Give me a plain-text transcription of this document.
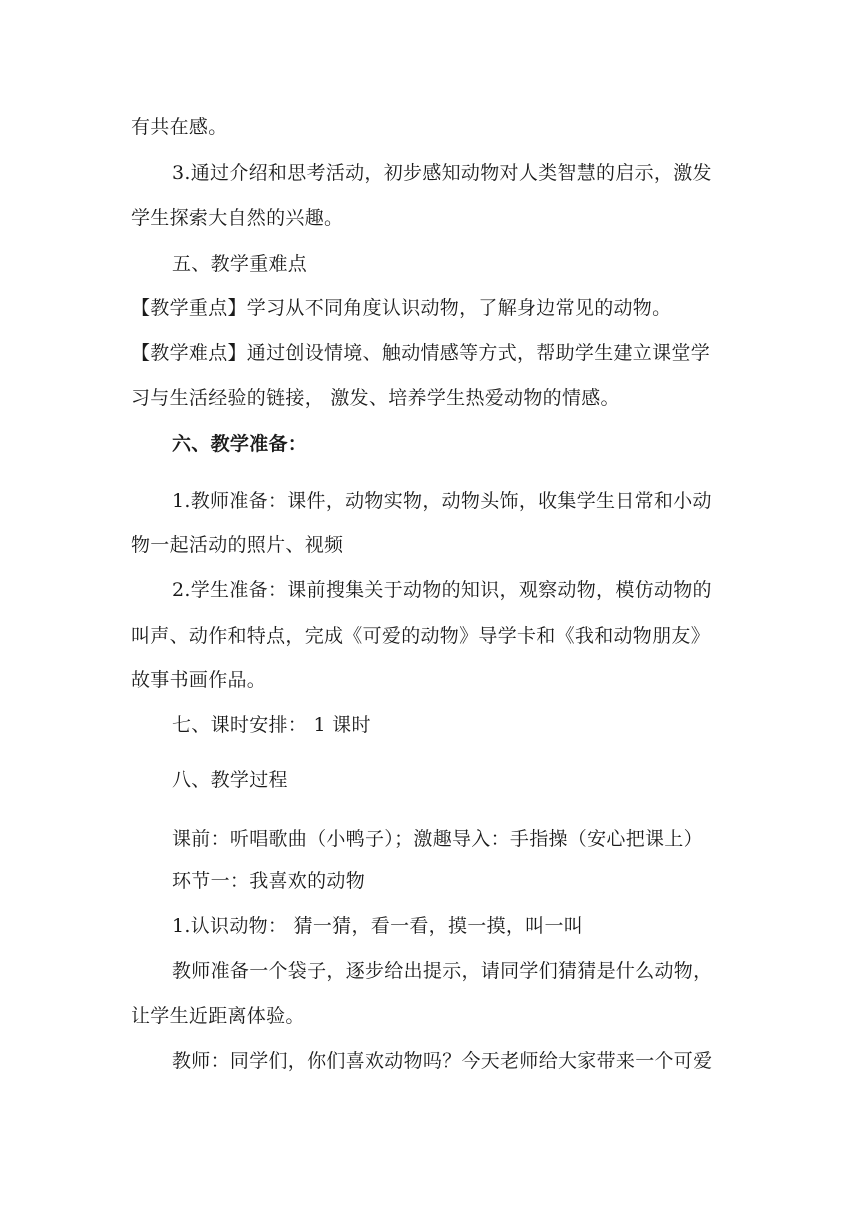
有共在感。
3.通过介绍和思考活动，初步感知动物对人类智慧的启示，激发
学生探索大自然的兴趣。
五、教学重难点
【教学重点】学习从不同角度认识动物，了解身边常见的动物。
【教学难点】通过创设情境、触动情感等方式，帮助学生建立课堂学
习与生活经验的链接， 激发、培养学生热爱动物的情感。
六、教学准备：
1.教师准备：课件，动物实物，动物头饰，收集学生日常和小动
物一起活动的照片、视频
2.学生准备：课前搜集关于动物的知识，观察动物，模仿动物的
叫声、动作和特点，完成《可爱的动物》导学卡和《我和动物朋友》
故事书画作品。
七、课时安排： 1 课时
八、教学过程
课前：听唱歌曲（小鸭子）；激趣导入：手指操（安心把课上）
环节一：我喜欢的动物
1.认识动物： 猜一猜，看一看，摸一摸，叫一叫
教师准备一个袋子，逐步给出提示，请同学们猜猜是什么动物，
让学生近距离体验。
教师：同学们，你们喜欢动物吗？今天老师给大家带来一个可爱
